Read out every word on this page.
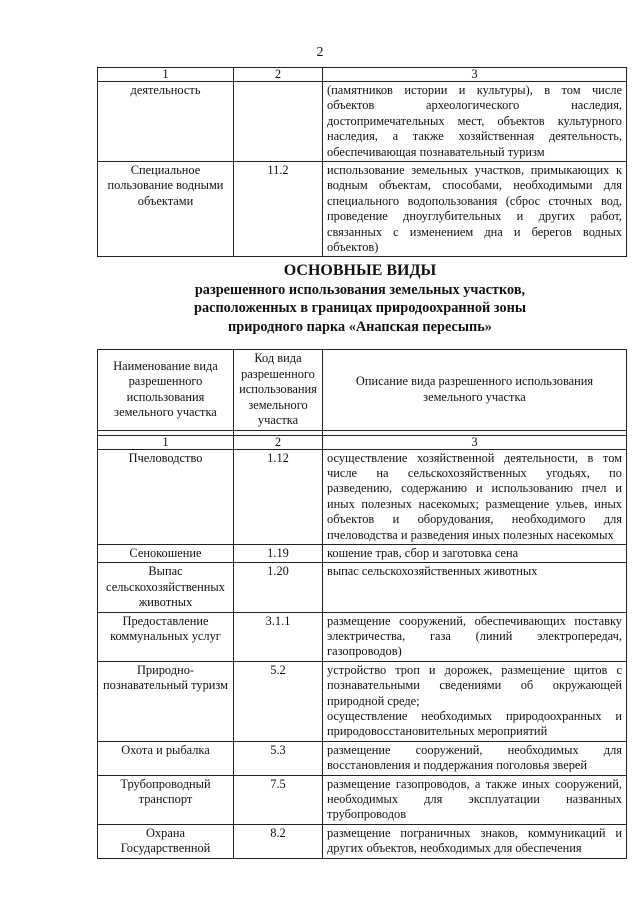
2
1	2	3
деятельность		(памятников истории и культуры), в том числе объектов археологического наследия, достопримечательных мест, объектов культурного наследия, а также хозяйственная деятельность, обеспечивающая познавательный туризм
Специальное пользование водными объектами	11.2	использование земельных участков, примыкающих к водным объектам, способами, необходимыми для специального водопользования (сброс сточных вод, проведение дноуглубительных и других работ, связанных с изменением дна и берегов водных объектов)
ОСНОВНЫЕ ВИДЫ
разрешенного использования земельных участков,
расположенных в границах природоохранной зоны
природного парка «Анапская пересыпь»
Наименование вида разрешенного использования земельного участка	Код вида разрешенного использования земельного участка	Описание вида разрешенного использования земельного участка

1	2	3
Пчеловодство	1.12	осуществление хозяйственной деятельности, в том числе на сельскохозяйственных угодьях, по разведению, содержанию и использованию пчел и иных полезных насекомых; размещение ульев, иных объектов и оборудования, необходимого для пчеловодства и разведения иных полезных насекомых
Сенокошение	1.19	кошение трав, сбор и заготовка сена
Выпас сельскохозяйственных животных	1.20	выпас сельскохозяйственных животных
Предоставление коммунальных услуг	3.1.1	размещение сооружений, обеспечивающих поставку электричества, газа (линий электропередач, газопроводов)
Природно-познавательный туризм	5.2	устройство троп и дорожек, размещение щитов с познавательными сведениями об окружающей природной среде;
осуществление необходимых природоохранных и природовосстановительных мероприятий

Охота и рыбалка	5.3	размещение сооружений, необходимых для восстановления и поддержания поголовья зверей
Трубопроводный транспорт	7.5	размещение газопроводов, а также иных сооружений, необходимых для эксплуатации названных трубопроводов
Охрана Государственной	8.2	размещение пограничных знаков, коммуникаций и других объектов, необходимых для обеспечения
